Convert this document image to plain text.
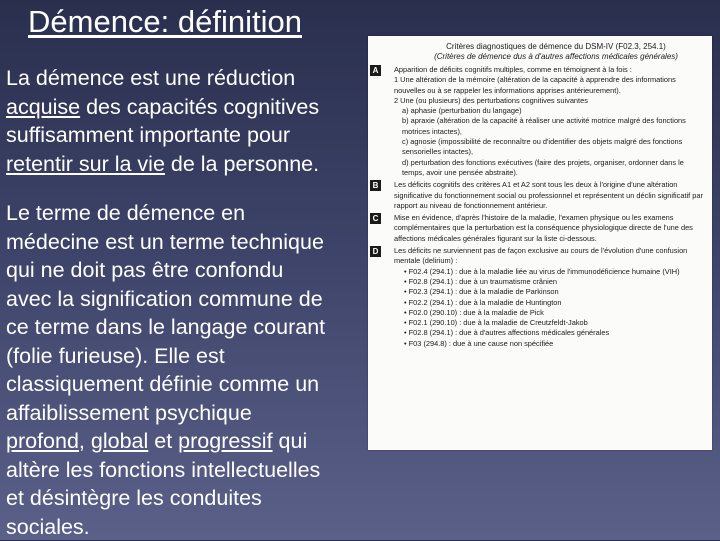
Démence: définition

La démence est une réduction
acquise des capacités cognitives
suffisamment importante pour
retentir sur la vie de la personne.

Le terme de démence en
médecine est un terme technique
qui ne doit pas être confondu
avec la signification commune de
ce terme dans le langage courant
(folie furieuse). Elle est
classiquement définie comme un
affaiblissement psychique
profond, global et progressif qui
altère les fonctions intellectuelles
et désintègre les conduites
sociales.

Critères diagnostiques de démence du DSM-IV (F02.3, 254.1)
(Critères de démence dus à d'autres affections médicales générales)
A	Apparition de déficits cognitifs multiples, comme en témoignent à la fois :
1 Une altération de la mémoire (altération de la capacité à apprendre des informations nouvelles ou à se rappeler les informations apprises antérieurement).
2 Une (ou plusieurs) des perturbations cognitives suivantes
a) aphasie (perturbation du langage)
b) apraxie (altération de la capacité à réaliser une activité motrice malgré des fonctions motrices intactes),
c) agnosie (impossibilité de reconnaître ou d'identifier des objets malgré des fonctions sensorielles intactes),
d) perturbation des fonctions exécutives (faire des projets, organiser, ordonner dans le temps, avoir une pensée abstraite).
B	Les déficits cognitifs des critères A1 et A2 sont tous les deux à l'origine d'une altération significative du fonctionnement social ou professionnel et représentent un déclin significatif par rapport au niveau de fonctionnement antérieur.
C	Mise en évidence, d'après l'histoire de la maladie, l'examen physique ou les examens complémentaires que la perturbation est la conséquence physiologique directe de l'une des affections médicales générales figurant sur la liste ci-dessous.
D	Les déficits ne surviennent pas de façon exclusive au cours de l'évolution d'une confusion mentale (delirium) :
• F02.4 (294.1) : due à la maladie liée au virus de l'immunodéficience humaine (VIH)
• F02.8 (294.1) : due à un traumatisme crânien
• F02.3 (294.1) : due à la maladie de Parkinson
• F02.2 (294.1) : due à la maladie de Huntington
• F02.0 (290.10) : due à la maladie de Pick
• F02.1 (290.10) : due à la maladie de Creutzfeldt-Jakob
• F02.8 (294.1) : due à d'autres affections médicales générales
• F03 (294.8) : due à une cause non spécifiée
